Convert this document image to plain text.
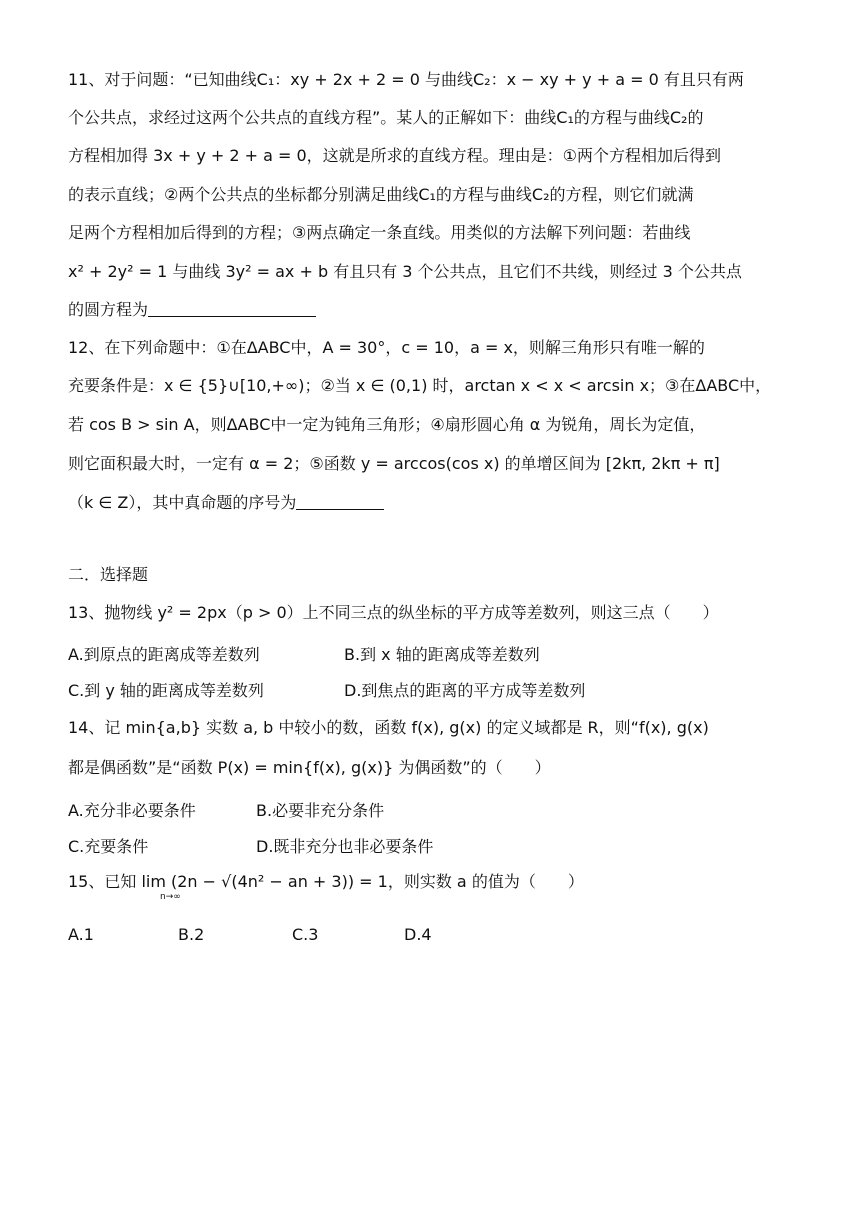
11、对于问题：“已知曲线C₁：xy + 2x + 2 = 0 与曲线C₂：x − xy + y + a = 0 有且只有两

个公共点，求经过这两个公共点的直线方程”。某人的正解如下：曲线C₁的方程与曲线C₂的

方程相加得 3x + y + 2 + a = 0，这就是所求的直线方程。理由是：①两个方程相加后得到

的表示直线；②两个公共点的坐标都分别满足曲线C₁的方程与曲线C₂的方程，则它们就满

足两个方程相加后得到的方程；③两点确定一条直线。用类似的方法解下列问题：若曲线

x² + 2y² = 1 与曲线 3y² = ax + b 有且只有 3 个公共点，且它们不共线，则经过 3 个公共点

的圆方程为

12、在下列命题中：①在ΔABC中，A = 30°，c = 10，a = x，则解三角形只有唯一解的

充要条件是：x ∈ {5}∪[10,+∞)；②当 x ∈ (0,1) 时，arctan x < x < arcsin x；③在ΔABC中，

若 cos B > sin A，则ΔABC中一定为钝角三角形；④扇形圆心角 α 为锐角，周长为定值，

则它面积最大时，一定有 α = 2；⑤函数 y = arccos(cos x) 的单增区间为 [2kπ, 2kπ + π]

（k ∈ Z），其中真命题的序号为

二．选择题

13、抛物线 y² = 2px（p > 0）上不同三点的纵坐标的平方成等差数列，则这三点（　　）

A.到原点的距离成等差数列	B.到 x 轴的距离成等差数列
C.到 y 轴的距离成等差数列	D.到焦点的距离的平方成等差数列

14、记 min{a,b} 实数 a, b 中较小的数，函数 f(x), g(x) 的定义域都是 R，则“f(x), g(x)

都是偶函数”是“函数 P(x) = min{f(x), g(x)} 为偶函数”的（　　）

A.充分非必要条件	B.必要非充分条件
C.充要条件	D.既非充分也非必要条件

15、已知 lim (2n − √(4n² − an + 3)) = 1，则实数 a 的值为（　　）

n→∞
A.1	B.2	C.3	D.4
